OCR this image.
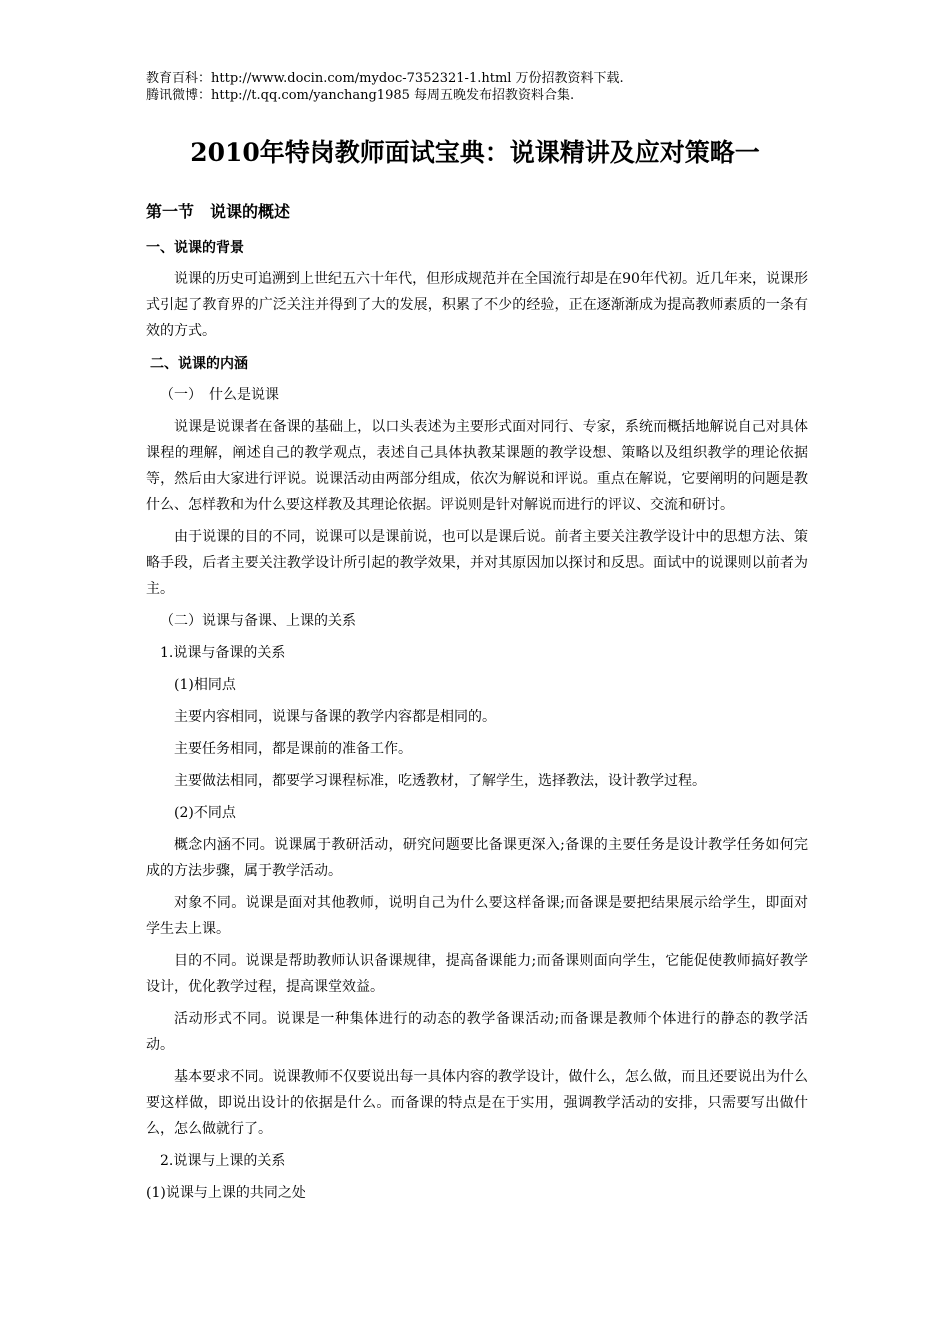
教育百科：http://www.docin.com/mydoc-7352321-1.html 万份招教资料下载.
腾讯微博：http://t.qq.com/yanchang1985 每周五晚发布招教资料合集.
2010年特岗教师面试宝典：说课精讲及应对策略一
第一节　说课的概述
一、说课的背景

说课的历史可追溯到上世纪五六十年代，但形成规范并在全国流行却是在90年代初。近几年来，说课形式引起了教育界的广泛关注并得到了大的发展，积累了不少的经验，正在逐渐渐成为提高教师素质的一条有效的方式。

二、说课的内涵
（一）　什么是说课

说课是说课者在备课的基础上，以口头表述为主要形式面对同行、专家，系统而概括地解说自己对具体课程的理解，阐述自己的教学观点，表述自己具体执教某课题的教学设想、策略以及组织教学的理论依据等，然后由大家进行评说。说课活动由两部分组成，依次为解说和评说。重点在解说，它要阐明的问题是教什么、怎样教和为什么要这样教及其理论依据。评说则是针对解说而进行的评议、交流和研讨。

由于说课的目的不同，说课可以是课前说，也可以是课后说。前者主要关注教学设计中的思想方法、策略手段，后者主要关注教学设计所引起的教学效果，并对其原因加以探讨和反思。面试中的说课则以前者为主。

（二）说课与备课、上课的关系
1.说课与备课的关系
(1)相同点
主要内容相同，说课与备课的教学内容都是相同的。
主要任务相同，都是课前的准备工作。
主要做法相同，都要学习课程标准，吃透教材，了解学生，选择教法，设计教学过程。
(2)不同点

概念内涵不同。说课属于教研活动，研究问题要比备课更深入;备课的主要任务是设计教学任务如何完成的方法步骤，属于教学活动。

对象不同。说课是面对其他教师，说明自己为什么要这样备课;而备课是要把结果展示给学生，即面对学生去上课。

目的不同。说课是帮助教师认识备课规律，提高备课能力;而备课则面向学生，它能促使教师搞好教学设计，优化教学过程，提高课堂效益。

活动形式不同。说课是一种集体进行的动态的教学备课活动;而备课是教师个体进行的静态的教学活动。

基本要求不同。说课教师不仅要说出每一具体内容的教学设计，做什么，怎么做，而且还要说出为什么要这样做，即说出设计的依据是什么。而备课的特点是在于实用，强调教学活动的安排，只需要写出做什么，怎么做就行了。

2.说课与上课的关系
(1)说课与上课的共同之处
